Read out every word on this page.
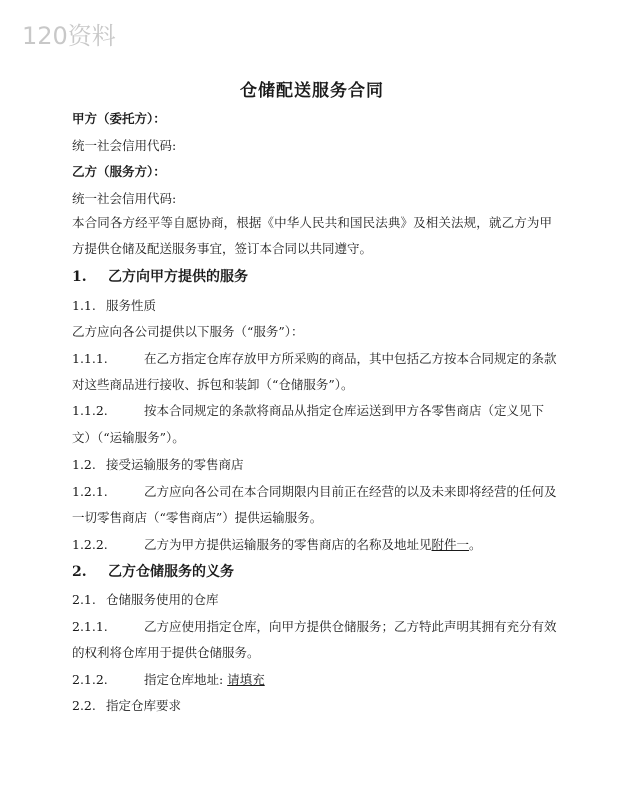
120资料
仓储配送服务合同
甲方（委托方）：
统一社会信用代码:
乙方（服务方）：
统一社会信用代码:
本合同各方经平等自愿协商，根据《中华人民共和国民法典》及相关法规，就乙方为甲方提供仓储及配送服务事宜，签订本合同以共同遵守。
1. 乙方向甲方提供的服务
1.1. 服务性质
乙方应向各公司提供以下服务（“服务”）：
1.1.1.	在乙方指定仓库存放甲方所采购的商品，其中包括乙方按本合同规定的条款
对这些商品进行接收、拆包和装卸（“仓储服务”）。
1.1.2.	按本合同规定的条款将商品从指定仓库运送到甲方各零售商店（定义见下
文）（“运输服务”）。
1.2. 接受运输服务的零售商店
1.2.1.	乙方应向各公司在本合同期限内目前正在经营的以及未来即将经营的任何及
一切零售商店（“零售商店”）提供运输服务。
1.2.2.	乙方为甲方提供运输服务的零售商店的名称及地址见附件一。
2. 乙方仓储服务的义务
2.1. 仓储服务使用的仓库
2.1.1.	乙方应使用指定仓库，向甲方提供仓储服务；乙方特此声明其拥有充分有效
的权利将仓库用于提供仓储服务。
2.1.2.	指定仓库地址: 请填充
2.2. 指定仓库要求
